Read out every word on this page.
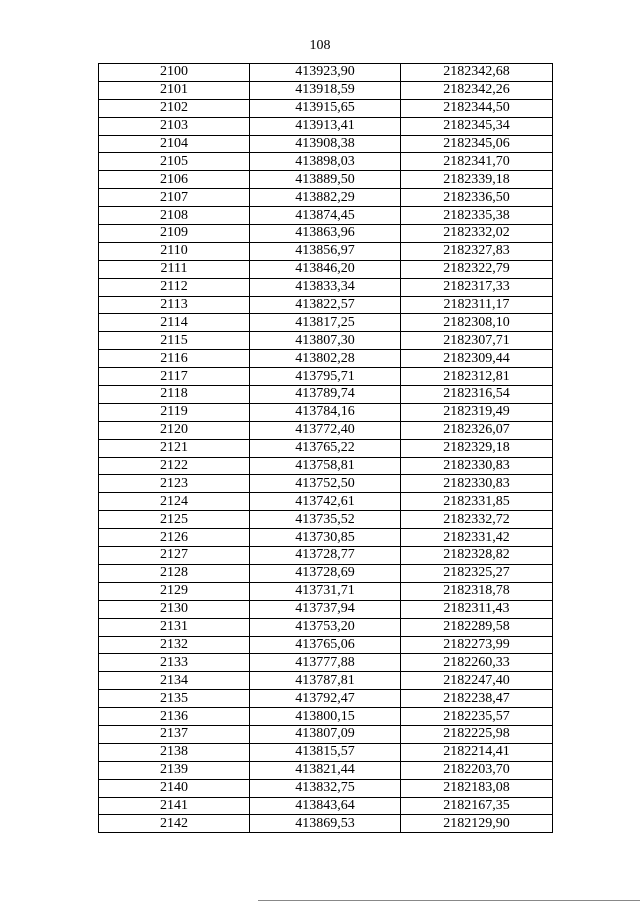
108
2100	413923,90	2182342,68
2101	413918,59	2182342,26
2102	413915,65	2182344,50
2103	413913,41	2182345,34
2104	413908,38	2182345,06
2105	413898,03	2182341,70
2106	413889,50	2182339,18
2107	413882,29	2182336,50
2108	413874,45	2182335,38
2109	413863,96	2182332,02
2110	413856,97	2182327,83
2111	413846,20	2182322,79
2112	413833,34	2182317,33
2113	413822,57	2182311,17
2114	413817,25	2182308,10
2115	413807,30	2182307,71
2116	413802,28	2182309,44
2117	413795,71	2182312,81
2118	413789,74	2182316,54
2119	413784,16	2182319,49
2120	413772,40	2182326,07
2121	413765,22	2182329,18
2122	413758,81	2182330,83
2123	413752,50	2182330,83
2124	413742,61	2182331,85
2125	413735,52	2182332,72
2126	413730,85	2182331,42
2127	413728,77	2182328,82
2128	413728,69	2182325,27
2129	413731,71	2182318,78
2130	413737,94	2182311,43
2131	413753,20	2182289,58
2132	413765,06	2182273,99
2133	413777,88	2182260,33
2134	413787,81	2182247,40
2135	413792,47	2182238,47
2136	413800,15	2182235,57
2137	413807,09	2182225,98
2138	413815,57	2182214,41
2139	413821,44	2182203,70
2140	413832,75	2182183,08
2141	413843,64	2182167,35
2142	413869,53	2182129,90
